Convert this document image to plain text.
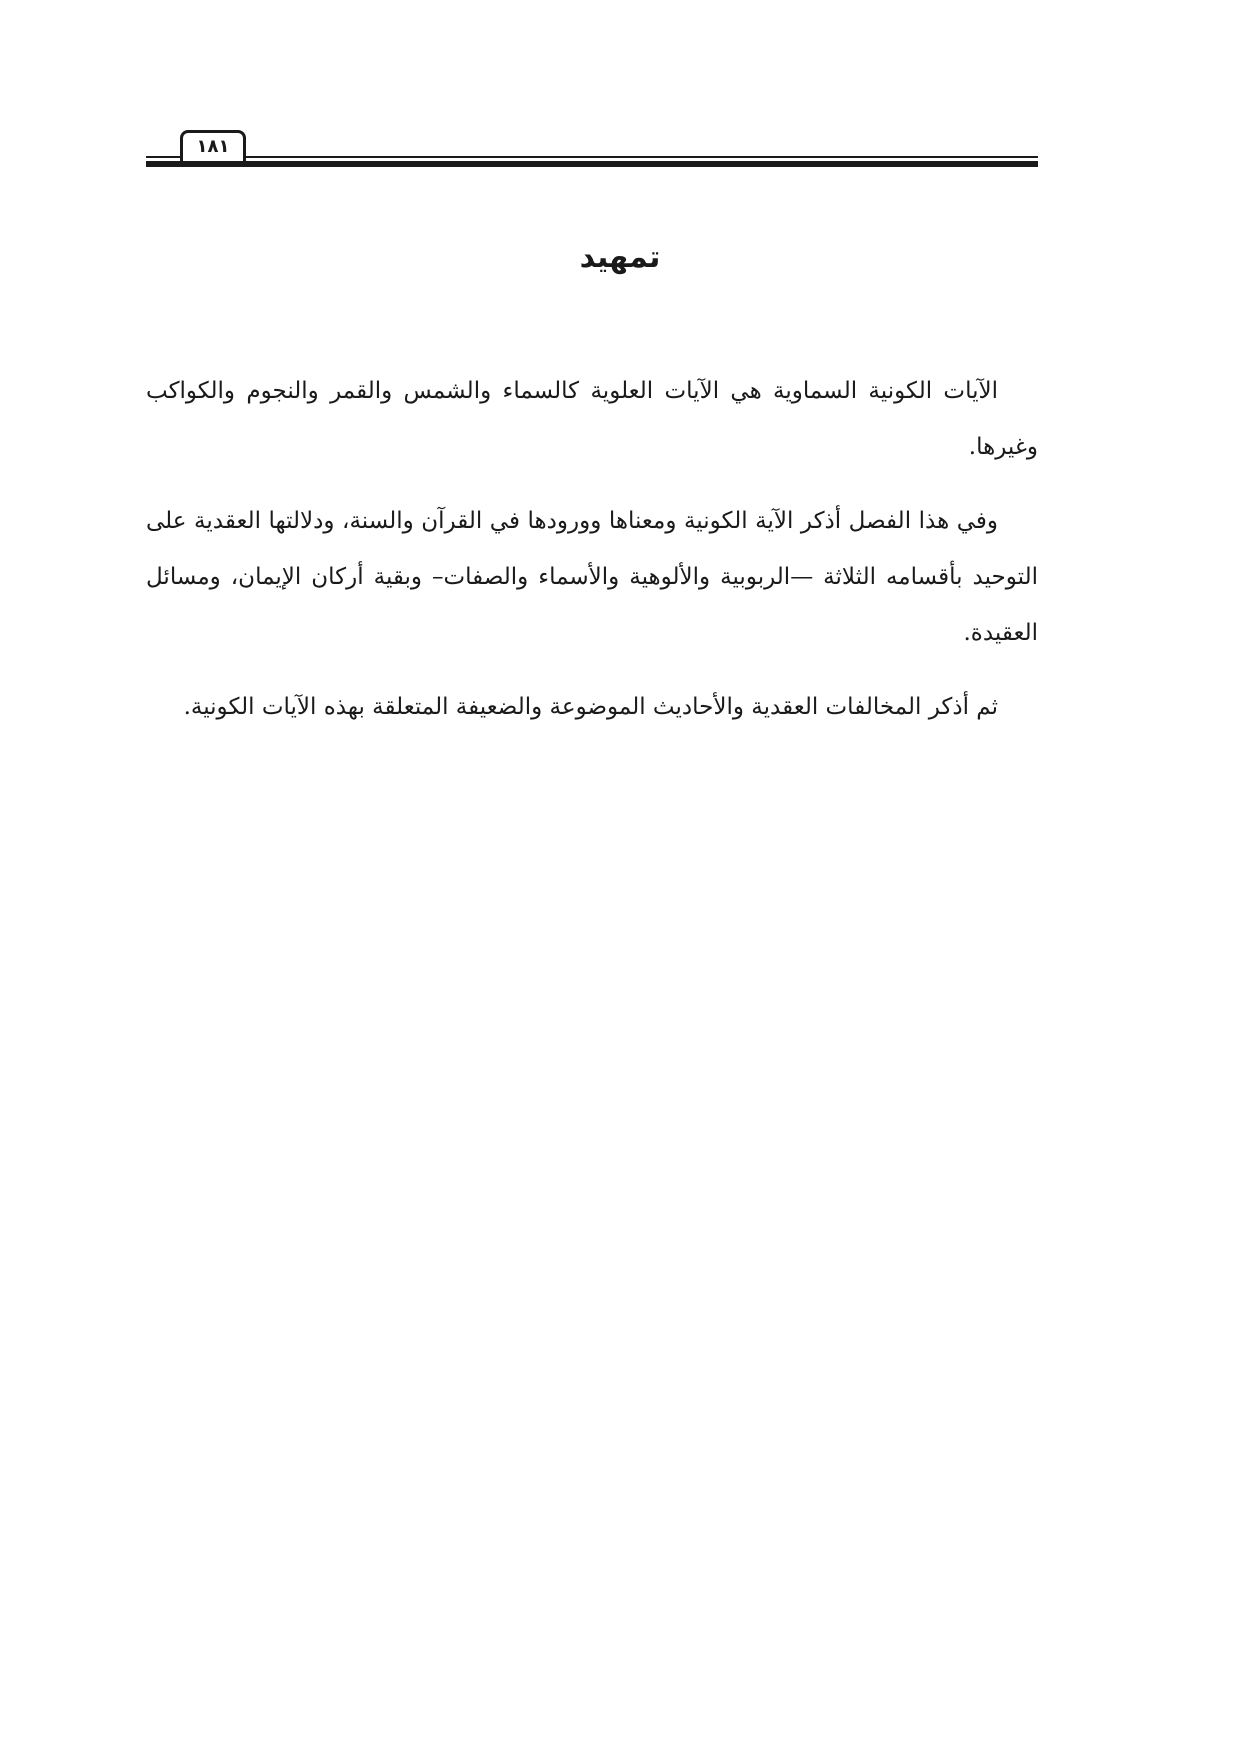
١٨١
تمهيد

الآيات الكونية السماوية هي الآيات العلوية كالسماء والشمس والقمر والنجوم والكواكب وغيرها.

وفي هذا الفصل أذكر الآية الكونية ومعناها وورودها في القرآن والسنة، ودلالتها العقدية على التوحيد بأقسامه الثلاثة —الربوبية والألوهية والأسماء والصفات– وبقية أركان الإيمان، ومسائل العقيدة.

ثم أذكر المخالفات العقدية والأحاديث الموضوعة والضعيفة المتعلقة بهذه الآيات الكونية.
